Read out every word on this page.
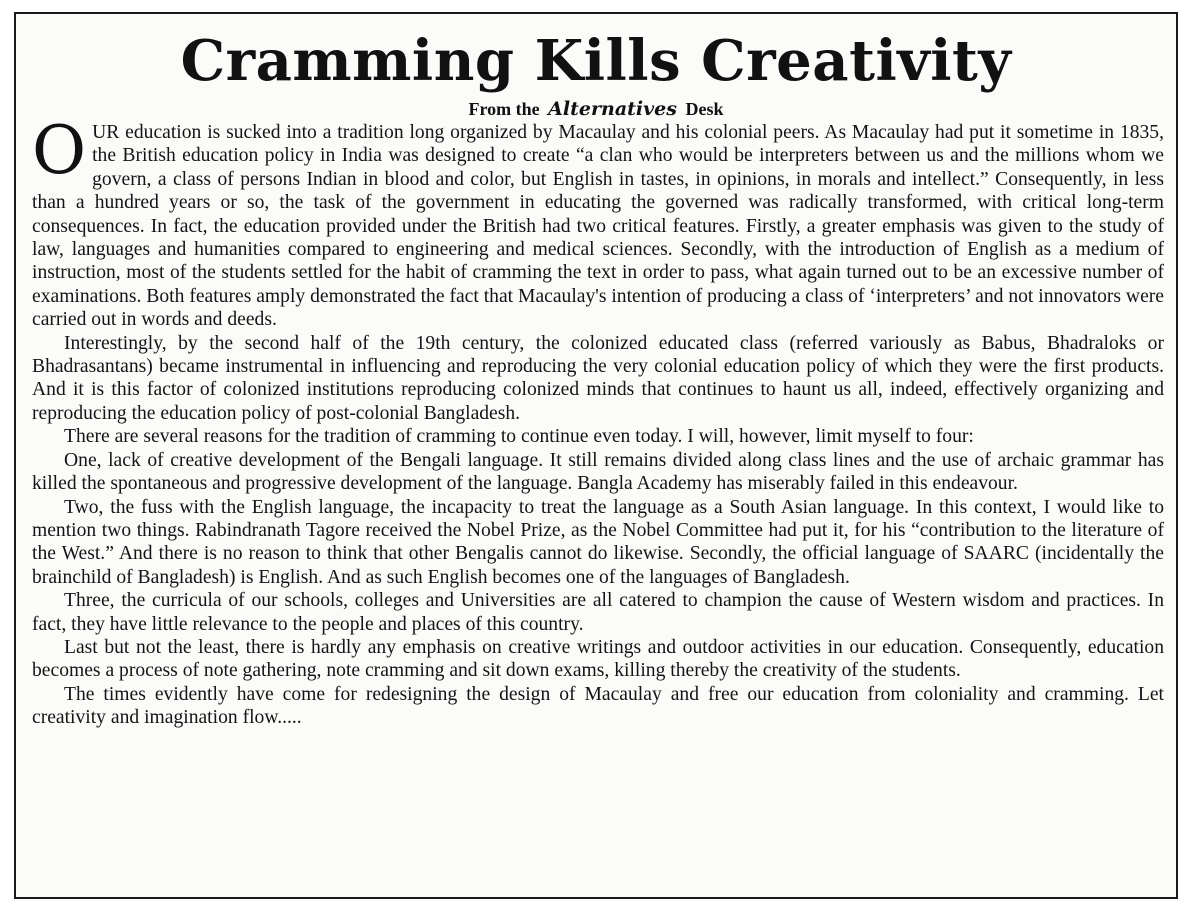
Cramming Kills Creativity
From the Alternatives Desk

O UR education is sucked into a tradition long organized by Macaulay and his colonial peers. As Macaulay had put it sometime in 1835, the British education policy in India was designed to create “a clan who would be interpreters between us and the millions whom we govern, a class of persons Indian in blood and color, but English in tastes, in opinions, in morals and intellect.” Consequently, in less than a hundred years or so, the task of the government in educating the governed was radically transformed, with critical long-term consequences. In fact, the education provided under the British had two critical features. Firstly, a greater emphasis was given to the study of law, languages and humanities compared to engineering and medical sciences. Secondly, with the introduction of English as a medium of instruction, most of the students settled for the habit of cramming the text in order to pass, what again turned out to be an excessive number of examinations. Both features amply demonstrated the fact that Macaulay's intention of producing a class of ‘interpreters’ and not innovators were carried out in words and deeds.

Interestingly, by the second half of the 19th century, the colonized educated class (referred variously as Babus, Bhadraloks or Bhadrasantans) became instrumental in influencing and reproducing the very colonial education policy of which they were the first products. And it is this factor of colonized institutions reproducing colonized minds that continues to haunt us all, indeed, effectively organizing and reproducing the education policy of post-colonial Bangladesh.

There are several reasons for the tradition of cramming to continue even today. I will, however, limit myself to four:

One, lack of creative development of the Bengali language. It still remains divided along class lines and the use of archaic grammar has killed the spontaneous and progressive development of the language. Bangla Academy has miserably failed in this endeavour.

Two, the fuss with the English language, the incapacity to treat the language as a South Asian language. In this context, I would like to mention two things. Rabindranath Tagore received the Nobel Prize, as the Nobel Committee had put it, for his “contribution to the literature of the West.” And there is no reason to think that other Bengalis cannot do likewise. Secondly, the official language of SAARC (incidentally the brainchild of Bangladesh) is English. And as such English becomes one of the languages of Bangladesh.

Three, the curricula of our schools, colleges and Universities are all catered to champion the cause of Western wisdom and practices. In fact, they have little relevance to the people and places of this country.

Last but not the least, there is hardly any emphasis on creative writings and outdoor activities in our education. Consequently, education becomes a process of note gathering, note cramming and sit down exams, killing thereby the creativity of the students.

The times evidently have come for redesigning the design of Macaulay and free our education from coloniality and cramming. Let creativity and imagination flow.....
